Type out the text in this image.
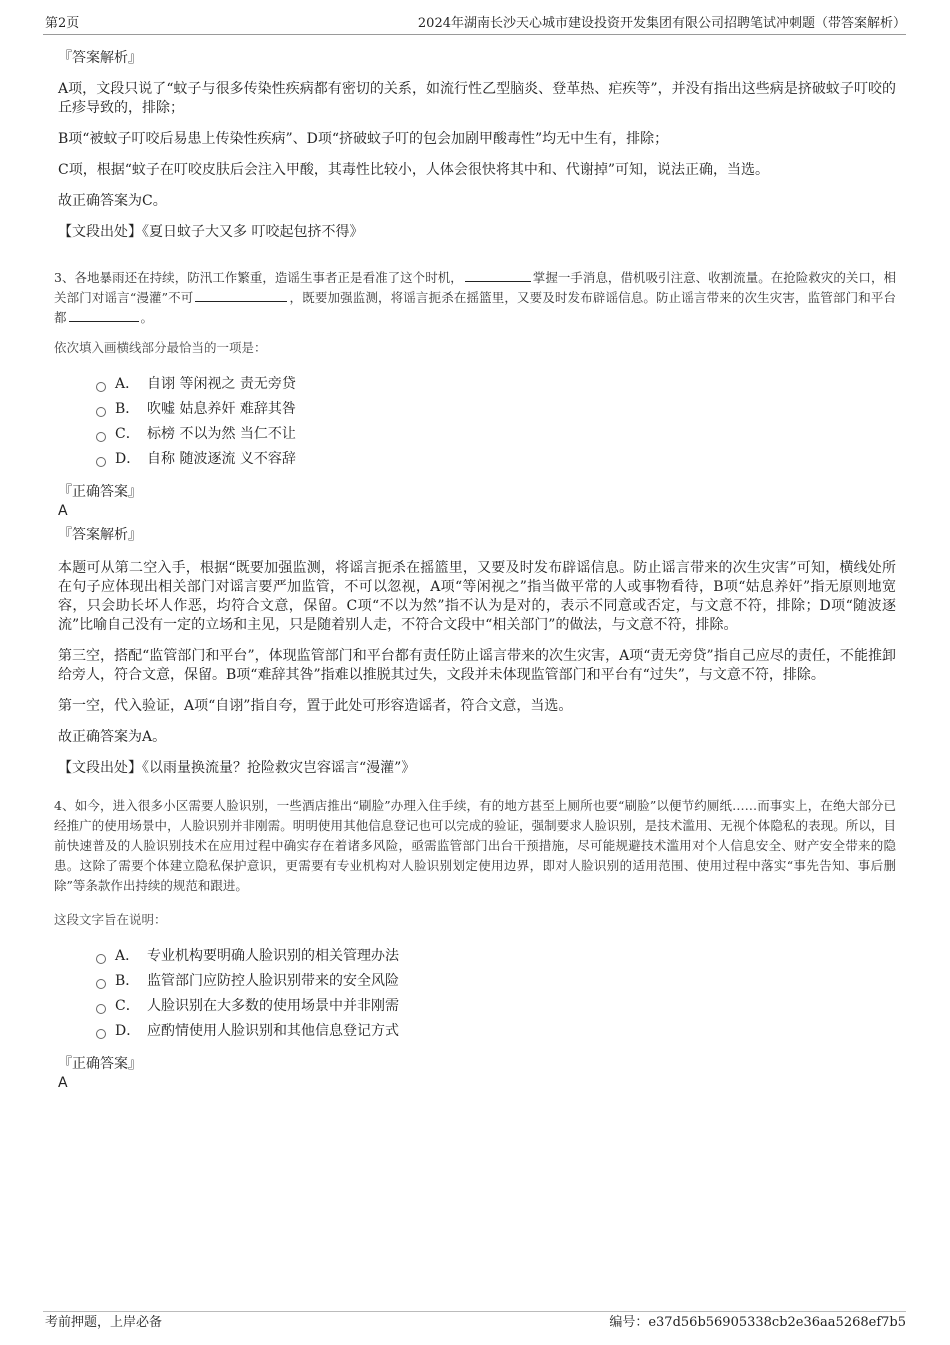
第2页	2024年湖南长沙天心城市建设投资开发集团有限公司招聘笔试冲刺题（带答案解析）
『答案解析』

A项，文段只说了“蚊子与很多传染性疾病都有密切的关系，如流行性乙型脑炎、登革热、疟疾等”，并没有指出这些病是挤破蚊子叮咬的丘疹导致的，排除；

B项“被蚊子叮咬后易患上传染性疾病”、D项“挤破蚊子叮的包会加剧甲酸毒性”均无中生有，排除；

C项，根据“蚊子在叮咬皮肤后会注入甲酸，其毒性比较小，人体会很快将其中和、代谢掉”可知，说法正确，当选。

故正确答案为C。

【文段出处】《夏日蚊子大又多 叮咬起包挤不得》

3、各地暴雨还在持续，防汛工作繁重，造谣生事者正是看准了这个时机，	掌握一手消息，借机吸引注意、收割流量。在抢险救灾的关口，相关部门对谣言“漫灌”不可	，既要加强监测，将谣言扼杀在摇篮里，又要及时发布辟谣信息。防止谣言带来的次生灾害，监管部门和平台都	。

依次填入画横线部分最恰当的一项是：

A． 自诩 等闲视之 责无旁贷
B． 吹嘘 姑息养奸 难辞其咎
C． 标榜 不以为然 当仁不让
D． 自称 随波逐流 义不容辞
『正确答案』
A
『答案解析』

本题可从第二空入手，根据“既要加强监测，将谣言扼杀在摇篮里，又要及时发布辟谣信息。防止谣言带来的次生灾害”可知，横线处所在句子应体现出相关部门对谣言要严加监管，不可以忽视，A项“等闲视之”指当做平常的人或事物看待，B项“姑息养奸”指无原则地宽容，只会助长坏人作恶，均符合文意，保留。C项“不以为然”指不认为是对的，表示不同意或否定，与文意不符，排除；D项“随波逐流”比喻自己没有一定的立场和主见，只是随着别人走，不符合文段中“相关部门”的做法，与文意不符，排除。

第三空，搭配“监管部门和平台”，体现监管部门和平台都有责任防止谣言带来的次生灾害，A项“责无旁贷”指自己应尽的责任，不能推卸给旁人，符合文意，保留。B项“难辞其咎”指难以推脱其过失，文段并未体现监管部门和平台有“过失”，与文意不符，排除。

第一空，代入验证，A项“自诩”指自夸，置于此处可形容造谣者，符合文意，当选。

故正确答案为A。

【文段出处】《以雨量换流量？抢险救灾岂容谣言“漫灌”》

4、如今，进入很多小区需要人脸识别，一些酒店推出“刷脸”办理入住手续，有的地方甚至上厕所也要“刷脸”以便节约厕纸……而事实上，在绝大部分已经推广的使用场景中，人脸识别并非刚需。明明使用其他信息登记也可以完成的验证，强制要求人脸识别，是技术滥用、无视个体隐私的表现。所以，目前快速普及的人脸识别技术在应用过程中确实存在着诸多风险，亟需监管部门出台干预措施，尽可能规避技术滥用对个人信息安全、财产安全带来的隐患。这除了需要个体建立隐私保护意识，更需要有专业机构对人脸识别划定使用边界，即对人脸识别的适用范围、使用过程中落实“事先告知、事后删除”等条款作出持续的规范和跟进。

这段文字旨在说明：

A． 专业机构要明确人脸识别的相关管理办法
B． 监管部门应防控人脸识别带来的安全风险
C． 人脸识别在大多数的使用场景中并非刚需
D． 应酌情使用人脸识别和其他信息登记方式
『正确答案』
A
考前押题，上岸必备	编号：e37d56b56905338cb2e36aa5268ef7b5
